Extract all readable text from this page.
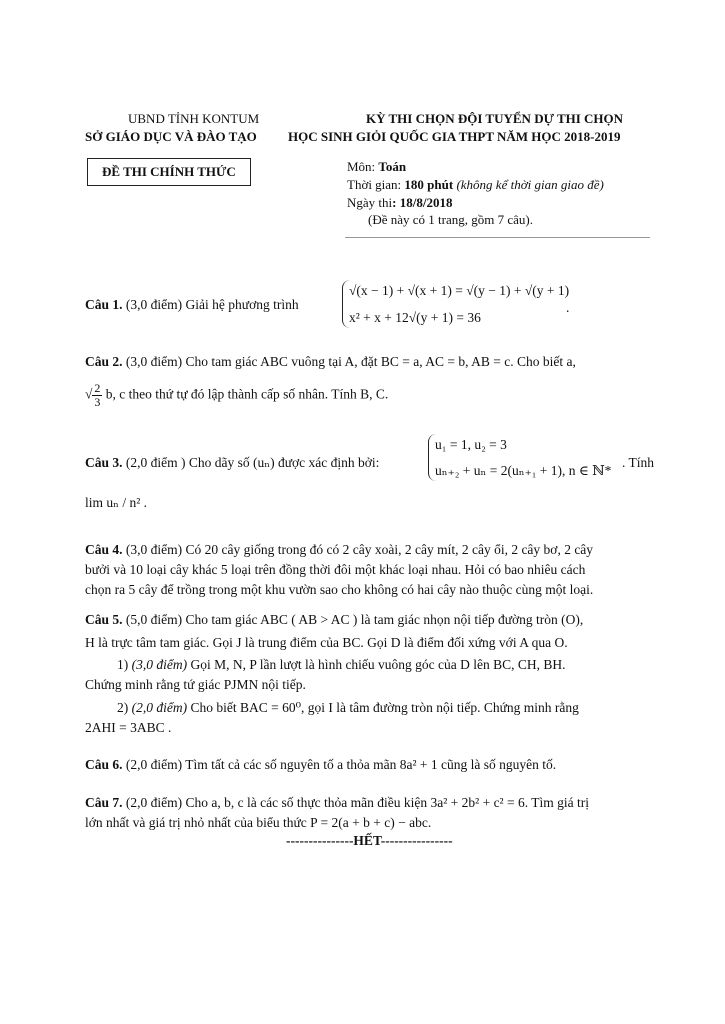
UBND TỈNH KONTUM
SỞ GIÁO DỤC VÀ ĐÀO TẠO
KỲ THI CHỌN ĐỘI TUYỂN DỰ THI CHỌN
HỌC SINH GIỎI QUỐC GIA THPT NĂM HỌC 2018-2019
ĐỀ THI CHÍNH THỨC	Môn: Toán
Thời gian: 180 phút (không kể thời gian giao đề)
Ngày thi: 18/8/2018
(Đề này có 1 trang, gồm 7 câu).
Câu 1. (3,0 điểm) Giải hệ phương trình
√(x − 1) + √(x + 1) = √(y − 1) + √(y + 1)
x² + x + 12√(y + 1) = 36
.
Câu 2. (3,0 điểm) Cho tam giác ABC vuông tại A, đặt BC = a, AC = b, AB = c. Cho biết a,
√ $\frac{2}{3} b$, c theo thứ tự đó lập thành cấp số nhân. Tính B, C.
Câu 3. (2,0 điểm ) Cho dãy số (uₙ) được xác định bởi:
u₁ = 1, u₂ = 3
uₙ₊₂ + uₙ = 2(uₙ₊₁ + 1), n ∈ ℕ*
. Tính
lim uₙ / n² .
Câu 4. (3,0 điểm) Có 20 cây giống trong đó có 2 cây xoài, 2 cây mít, 2 cây ổi, 2 cây bơ, 2 cây
bưởi và 10 loại cây khác 5 loại trên đồng thời đôi một khác loại nhau. Hỏi có bao nhiêu cách
chọn ra 5 cây để trồng trong một khu vườn sao cho không có hai cây nào thuộc cùng một loại.
Câu 5. (5,0 điểm) Cho tam giác ABC ( AB > AC ) là tam giác nhọn nội tiếp đường tròn (O),
H là trực tâm tam giác. Gọi J là trung điểm của BC. Gọi D là điểm đối xứng với A qua O.
1) (3,0 điểm) Gọi M, N, P lần lượt là hình chiếu vuông góc của D lên BC, CH, BH.
Chứng minh rằng tứ giác PJMN nội tiếp.
2) (2,0 điểm) Cho biết BAC = 60⁰, gọi I là tâm đường tròn nội tiếp. Chứng minh rằng
2AHI = 3ABC .
Câu 6. (2,0 điểm) Tìm tất cả các số nguyên tố a thỏa mãn 8a² + 1 cũng là số nguyên tố.
Câu 7. (2,0 điểm) Cho a, b, c là các số thực thỏa mãn điều kiện 3a² + 2b² + c² = 6. Tìm giá trị
lớn nhất và giá trị nhỏ nhất của biểu thức P = 2(a + b + c) − abc.
---------------HẾT----------------
